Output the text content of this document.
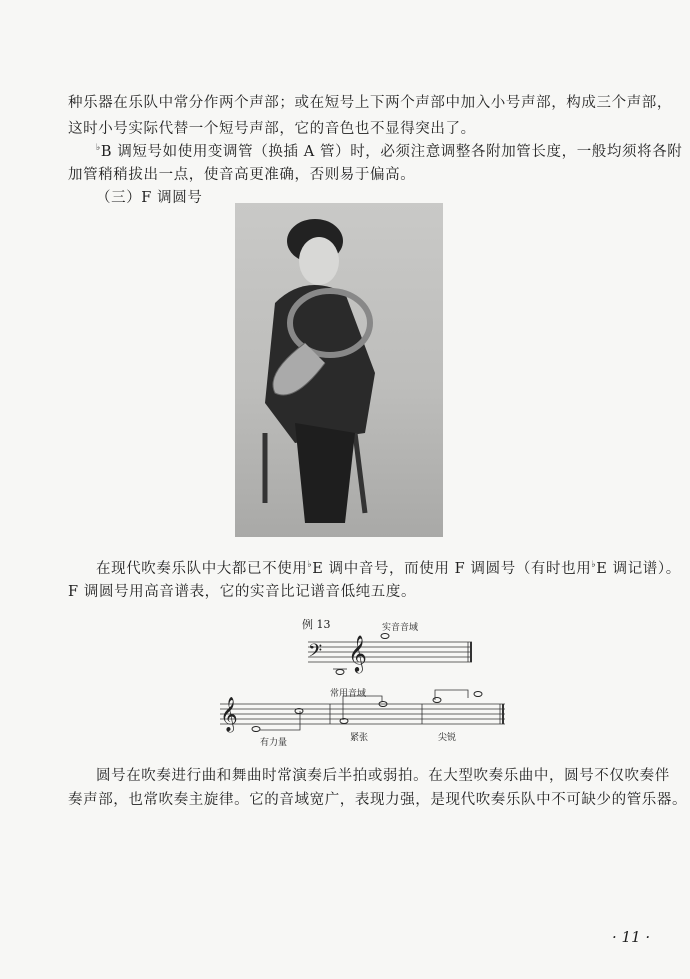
种乐器在乐队中常分作两个声部；或在短号上下两个声部中加入小号声部，构成三个声部，
这时小号实际代替一个短号声部，它的音色也不显得突出了。
♭B 调短号如使用变调管（换插 A 管）时，必须注意调整各附加管长度，一般均须将各附
加管稍稍拔出一点，使音高更准确，否则易于偏高。
（三）F 调圆号
在现代吹奏乐队中大都已不使用♭E 调中音号，而使用 F 调圆号（有时也用♭E 调记谱）。
F 调圆号用高音谱表，它的实音比记谱音低纯五度。
例 13	实音音域
𝄢 𝄞
常用音域
𝄞
有力量	紧张	尖锐
圆号在吹奏进行曲和舞曲时常演奏后半拍或弱拍。在大型吹奏乐曲中，圆号不仅吹奏伴
奏声部，也常吹奏主旋律。它的音域宽广，表现力强，是现代吹奏乐队中不可缺少的管乐器。
· 11 ·
